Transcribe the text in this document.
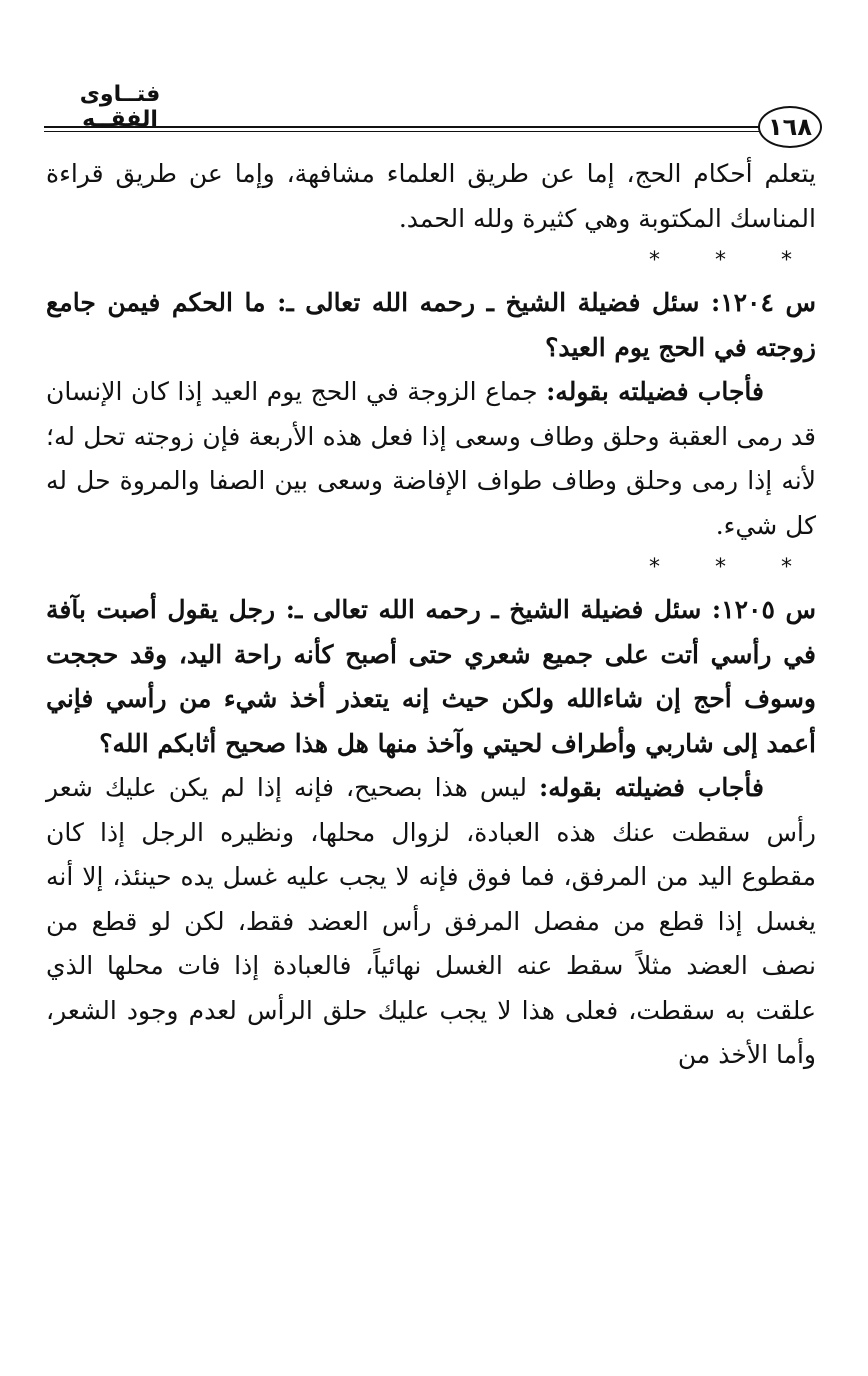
فتــاوى الفقــه	١٦٨

يتعلم أحكام الحج، إما عن طريق العلماء مشافهة، وإما عن طريق قراءة المناسك المكتوبة وهي كثيرة ولله الحمد.

* * *

س ١٢٠٤: سئل فضيلة الشيخ ـ رحمه الله تعالى ـ: ما الحكم فيمن جامع زوجته في الحج يوم العيد؟

فأجاب فضيلته بقوله: جماع الزوجة في الحج يوم العيد إذا كان الإنسان قد رمى العقبة وحلق وطاف وسعى إذا فعل هذه الأربعة فإن زوجته تحل له؛ لأنه إذا رمى وحلق وطاف طواف الإفاضة وسعى بين الصفا والمروة حل له كل شيء.

* * *

س ١٢٠٥: سئل فضيلة الشيخ ـ رحمه الله تعالى ـ: رجل يقول أصبت بآفة في رأسي أتت على جميع شعري حتى أصبح كأنه راحة اليد، وقد حججت وسوف أحج إن شاءالله ولكن حيث إنه يتعذر أخذ شيء من رأسي فإني أعمد إلى شاربي وأطراف لحيتي وآخذ منها هل هذا صحيح أثابكم الله؟

فأجاب فضيلته بقوله: ليس هذا بصحيح، فإنه إذا لم يكن عليك شعر رأس سقطت عنك هذه العبادة، لزوال محلها، ونظيره الرجل إذا كان مقطوع اليد من المرفق، فما فوق فإنه لا يجب عليه غسل يده حينئذ، إلا أنه يغسل إذا قطع من مفصل المرفق رأس العضد فقط، لكن لو قطع من نصف العضد مثلاً سقط عنه الغسل نهائياً، فالعبادة إذا فات محلها الذي علقت به سقطت، فعلى هذا لا يجب عليك حلق الرأس لعدم وجود الشعر، وأما الأخذ من
